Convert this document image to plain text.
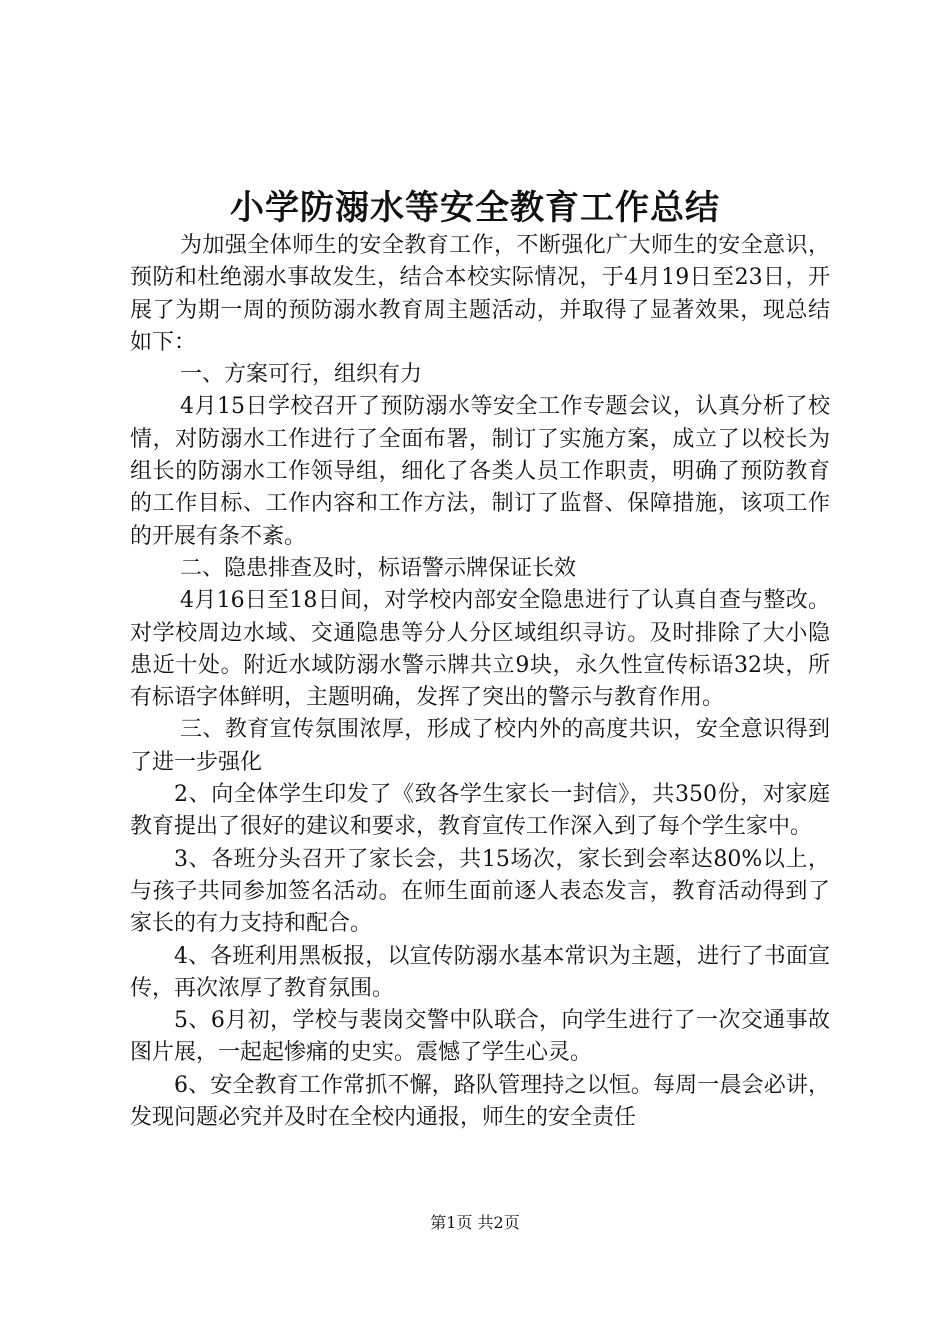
小学防溺水等安全教育工作总结

为加强全体师生的安全教育工作，不断强化广大师生的安全意识，预防和杜绝溺水事故发生，结合本校实际情况，于4月19日至23日，开展了为期一周的预防溺水教育周主题活动，并取得了显著效果，现总结如下：

一、方案可行，组织有力

4月15日学校召开了预防溺水等安全工作专题会议，认真分析了校情，对防溺水工作进行了全面布署，制订了实施方案，成立了以校长为组长的防溺水工作领导组，细化了各类人员工作职责，明确了预防教育的工作目标、工作内容和工作方法，制订了监督、保障措施，该项工作的开展有条不紊。

二、隐患排查及时，标语警示牌保证长效

4月16日至18日间，对学校内部安全隐患进行了认真自查与整改。对学校周边水域、交通隐患等分人分区域组织寻访。及时排除了大小隐患近十处。附近水域防溺水警示牌共立9块，永久性宣传标语32块，所有标语字体鲜明，主题明确，发挥了突出的警示与教育作用。

三、教育宣传氛围浓厚，形成了校内外的高度共识，安全意识得到了进一步强化

2、向全体学生印发了《致各学生家长一封信》，共350份，对家庭教育提出了很好的建议和要求，教育宣传工作深入到了每个学生家中。

3、各班分头召开了家长会，共15场次，家长到会率达80%以上，与孩子共同参加签名活动。在师生面前逐人表态发言，教育活动得到了家长的有力支持和配合。

4、各班利用黑板报，以宣传防溺水基本常识为主题，进行了书面宣传，再次浓厚了教育氛围。

5、6月初，学校与裴岗交警中队联合，向学生进行了一次交通事故图片展，一起起惨痛的史实。震憾了学生心灵。

6、安全教育工作常抓不懈，路队管理持之以恒。每周一晨会必讲，发现问题必究并及时在全校内通报，师生的安全责任

第1页 共2页
